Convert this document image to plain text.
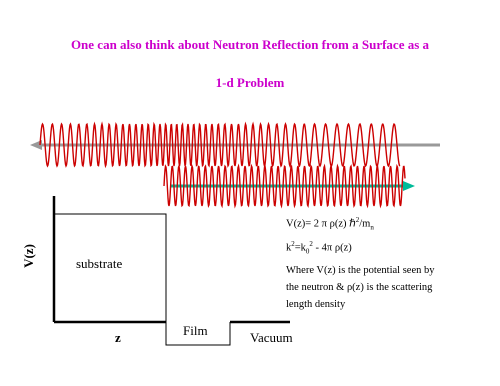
One can also think about Neutron Reflection from a Surface as a
1-d Problem
V(z)
z
substrate
Film	Vacuum
V(z)= 2 π ρ(z) $\hbar^2/m_n$
$k^2=k_0^2 - 4\pi$ ρ(z)
Where V(z) is the potential seen by
the neutron & ρ(z) is the scattering
length density
